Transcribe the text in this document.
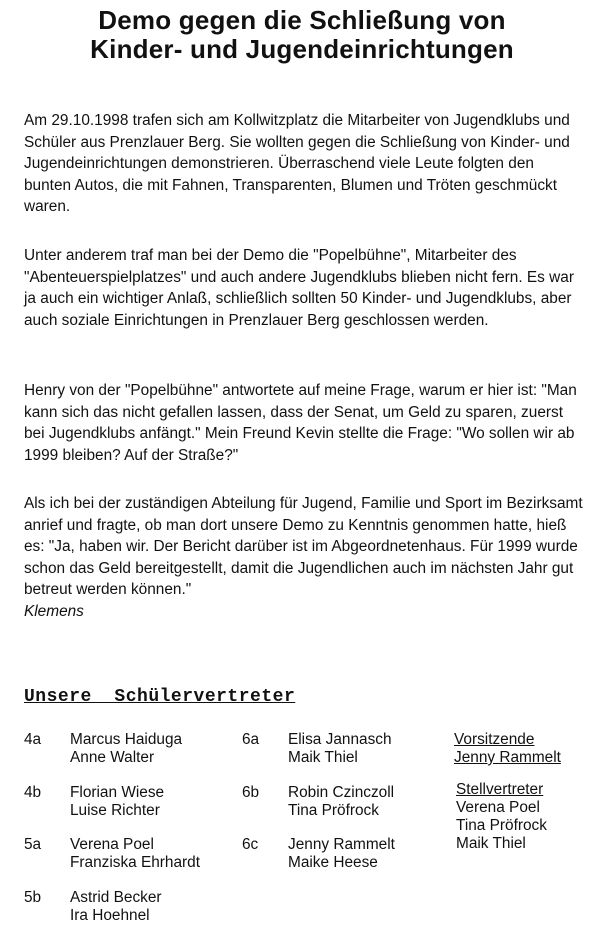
Demo gegen die Schließung von
Kinder- und Jugendeinrichtungen

Am 29.10.1998 trafen sich am Kollwitzplatz die Mitarbeiter von Jugendklubs und Schüler aus Prenzlauer Berg. Sie wollten gegen die Schließung von Kinder- und Jugendeinrichtungen demonstrieren. Überraschend viele Leute folgten den bunten Autos, die mit Fahnen, Transparenten, Blumen und Tröten geschmückt waren.

Unter anderem traf man bei der Demo die "Popelbühne", Mitarbeiter des "Abenteuerspielplatzes" und auch andere Jugendklubs blieben nicht fern. Es war ja auch ein wichtiger Anlaß, schließlich sollten 50 Kinder- und Jugendklubs, aber auch soziale Einrichtungen in Prenzlauer Berg geschlossen werden.

Henry von der "Popelbühne" antwortete auf meine Frage, warum er hier ist: "Man kann sich das nicht gefallen lassen, dass der Senat, um Geld zu sparen, zuerst bei Jugendklubs anfängt." Mein Freund Kevin stellte die Frage: "Wo sollen wir ab 1999 bleiben? Auf der Straße?"

Als ich bei der zuständigen Abteilung für Jugend, Familie und Sport im Bezirksamt anrief und fragte, ob man dort unsere Demo zu Kenntnis genommen hatte, hieß es: "Ja, haben wir. Der Bericht darüber ist im Abgeordnetenhaus. Für 1999 wurde schon das Geld bereitgestellt, damit die Jugendlichen auch im nächsten Jahr gut betreut werden können."

Klemens
Unsere  Schülervertreter
4a	Marcus Haiduga
Anne Walter
4b	Florian Wiese
Luise Richter
5a	Verena Poel
Franziska Ehrhardt
5b	Astrid Becker
Ira Hoehnel
6a	Elisa Jannasch
Maik Thiel
6b	Robin Czinczoll
Tina Pröfrock
6c	Jenny Rammelt
Maike Heese
Vorsitzende
Jenny Rammelt
Stellvertreter
Verena Poel
Tina Pröfrock
Maik Thiel
